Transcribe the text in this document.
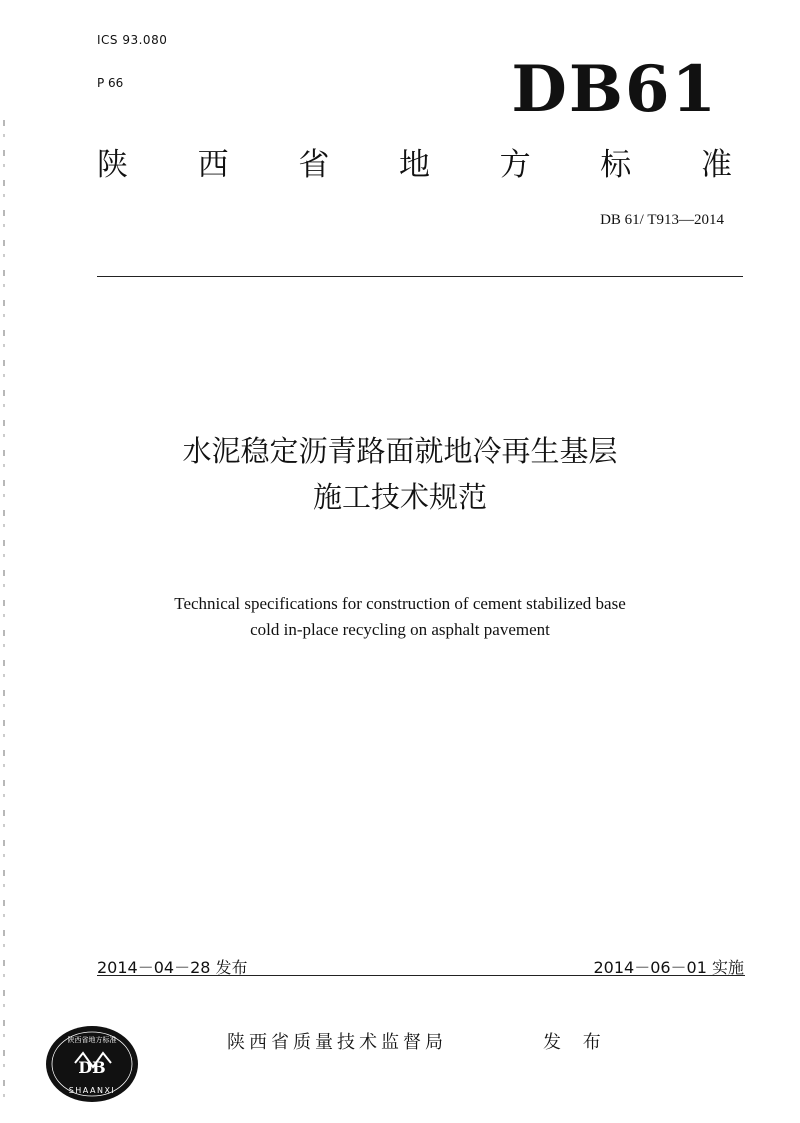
ICS 93.080
P 66	DB61
陕 西 省 地 方 标 准
DB 61/ T913—2014
水泥稳定沥青路面就地冷再生基层
施工技术规范
Technical specifications for construction of cement stabilized base
cold in-place recycling on asphalt pavement
2014－04－28 发布	2014－06－01 实施
陕西省质量技术监督局	发 布
陕西省地方标准
DB
SHAANXI
